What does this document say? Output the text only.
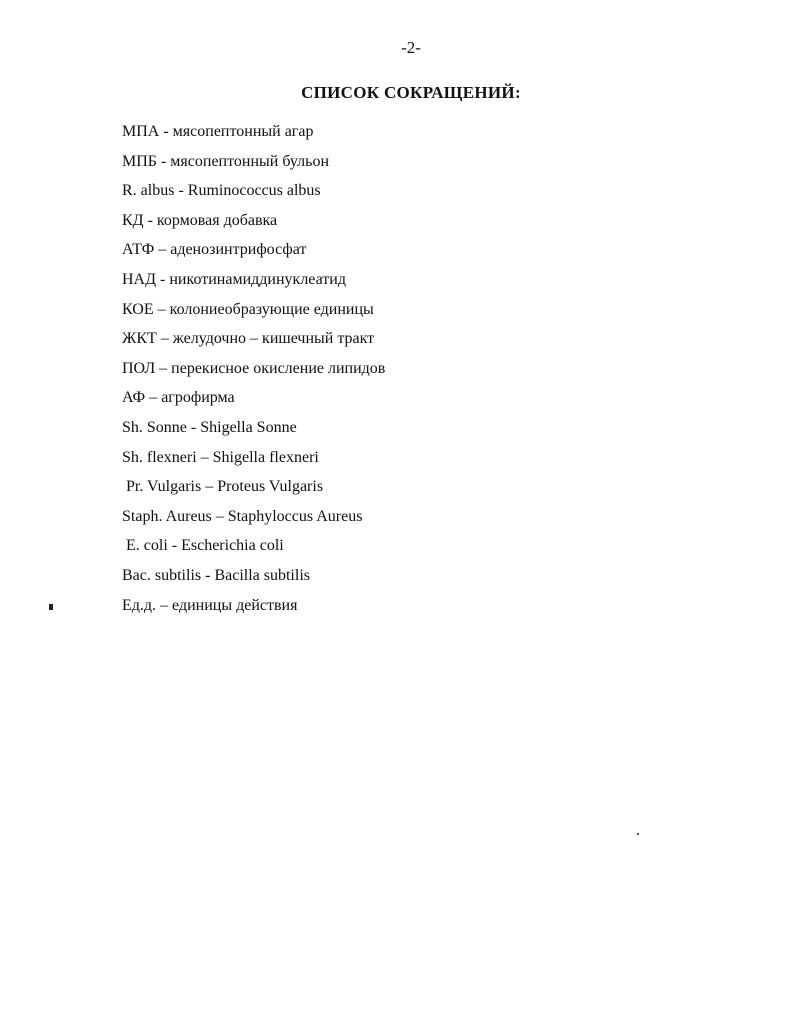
-2-
СПИСОК СОКРАЩЕНИЙ:
МПА - мясопептонный агар
МПБ - мясопептонный бульон
R. albus - Ruminococcus albus
КД - кормовая добавка
АТФ – аденозинтрифосфат
НАД - никотинамиддинуклеатид
КОЕ – колониеобразующие единицы
ЖКТ – желудочно – кишечный тракт
ПОЛ – перекисное окисление липидов
АФ – агрофирма
Sh. Sonne - Shigella Sonne
Sh. flexneri – Shigella flexneri
Pr. Vulgaris – Proteus Vulgaris
Staph. Aureus – Staphyloccus Aureus
E. coli - Escherichia coli
Bac. subtilis - Bacilla subtilis
Ед.д. – единицы действия
